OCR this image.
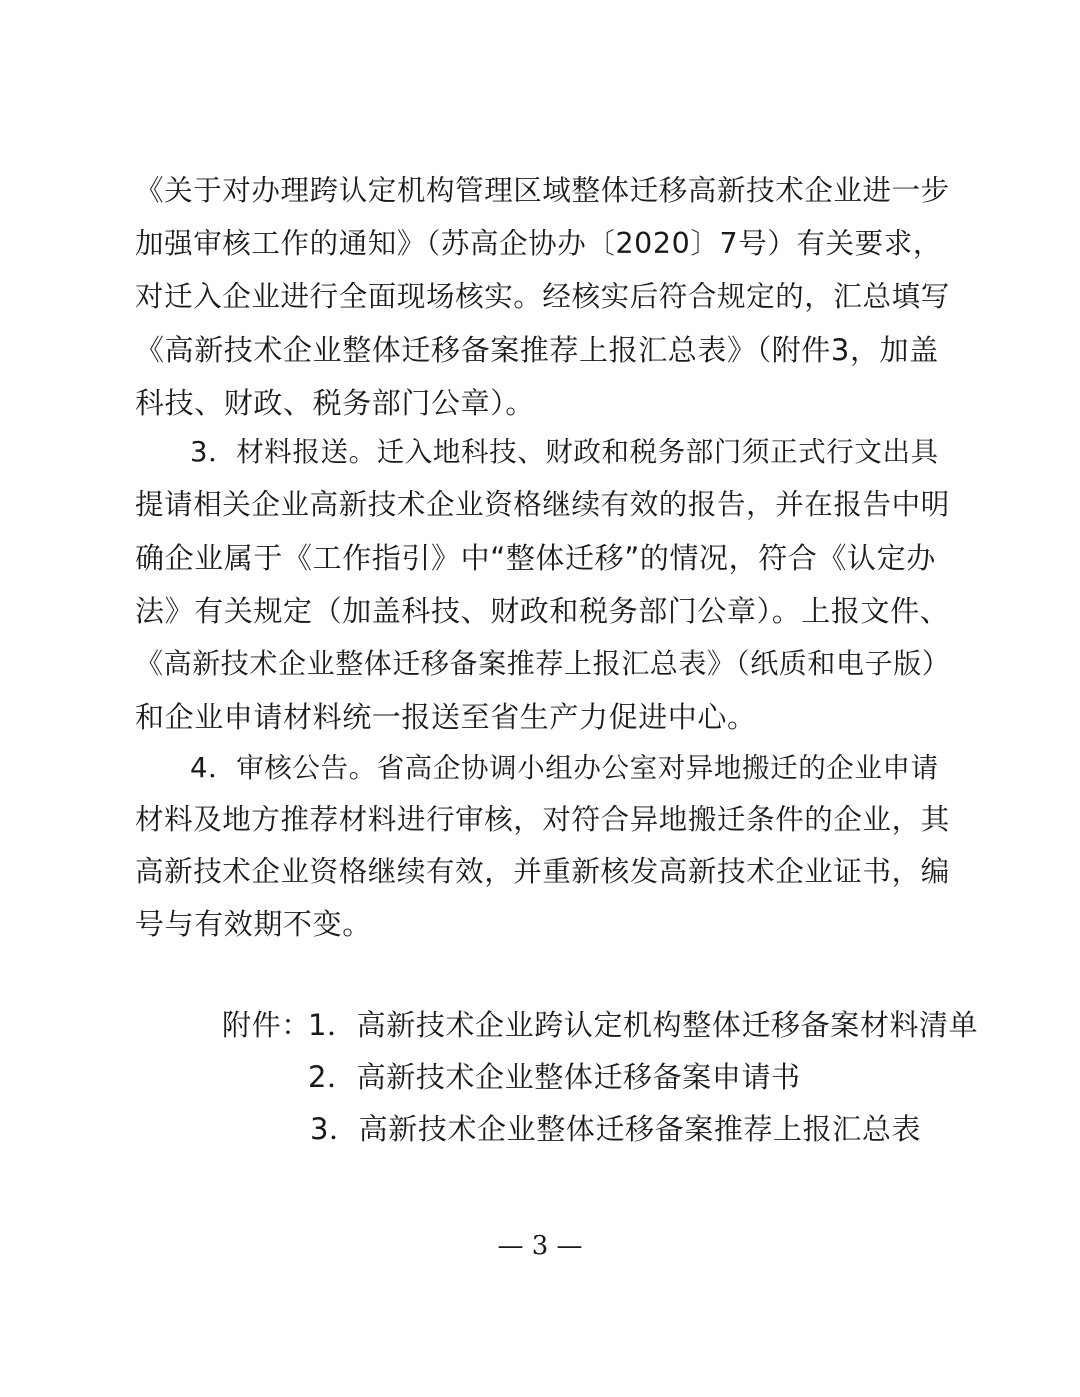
《关于对办理跨认定机构管理区域整体迁移高新技术企业进一步
加强审核工作的通知》（苏高企协办〔2020〕7号）有关要求，
对迁入企业进行全面现场核实。经核实后符合规定的，汇总填写
《高新技术企业整体迁移备案推荐上报汇总表》（附件3，加盖
科技、财政、税务部门公章）。
3．材料报送。迁入地科技、财政和税务部门须正式行文出具
提请相关企业高新技术企业资格继续有效的报告，并在报告中明
确企业属于《工作指引》中“整体迁移”的情况，符合《认定办
法》有关规定（加盖科技、财政和税务部门公章）。上报文件、
《高新技术企业整体迁移备案推荐上报汇总表》（纸质和电子版）
和企业申请材料统一报送至省生产力促进中心。
4．审核公告。省高企协调小组办公室对异地搬迁的企业申请
材料及地方推荐材料进行审核，对符合异地搬迁条件的企业，其
高新技术企业资格继续有效，并重新核发高新技术企业证书，编
号与有效期不变。
附件：
1．高新技术企业跨认定机构整体迁移备案材料清单
2．高新技术企业整体迁移备案申请书
3．高新技术企业整体迁移备案推荐上报汇总表
— 3 —
